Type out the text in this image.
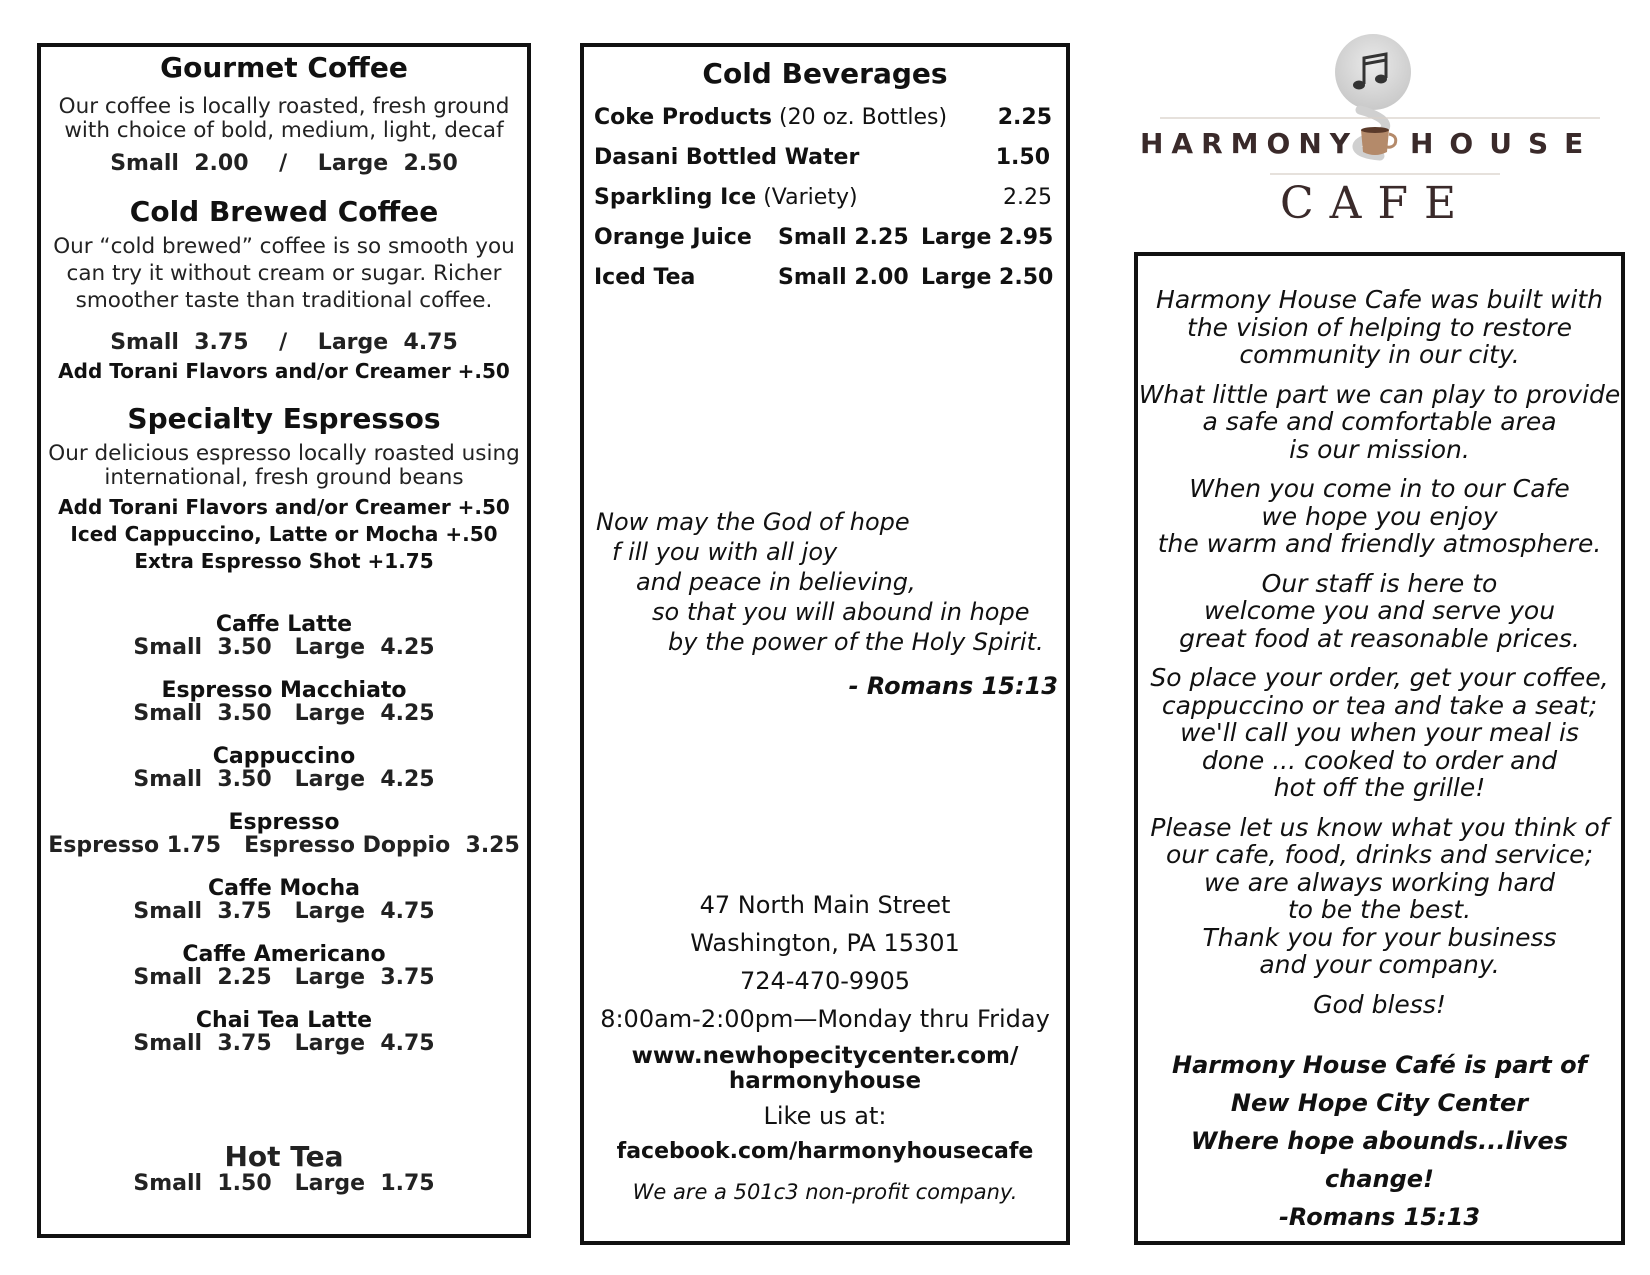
Gourmet Coffee
Our coffee is locally roasted, fresh ground
with choice of bold, medium, light, decaf
Small  2.00    /    Large  2.50
Cold Brewed Coffee
Our “cold brewed” coffee is so smooth you
can try it without cream or sugar. Richer
smoother taste than traditional coffee.
Small  3.75    /    Large  4.75
Add Torani Flavors and/or Creamer +.50
Specialty Espressos
Our delicious espresso locally roasted using
international, fresh ground beans
Add Torani Flavors and/or Creamer +.50
Iced Cappuccino, Latte or Mocha +.50
Extra Espresso Shot +1.75
Caffe Latte
Small  3.50   Large  4.25
Espresso Macchiato
Small  3.50   Large  4.25
Cappuccino
Small  3.50   Large  4.25
Espresso
Espresso 1.75   Espresso Doppio  3.25
Caffe Mocha
Small  3.75   Large  4.75
Caffe Americano
Small  2.25   Large  3.75
Chai Tea Latte
Small  3.75   Large  4.75
Hot Tea
Small  1.50   Large  1.75
Cold Beverages
Coke Products (20 oz. Bottles) 2.25
Dasani Bottled Water	1.50
Sparkling Ice (Variety)	2.25
Orange Juice Small 2.25 Large 2.95
Iced Tea	Small 2.00 Large 2.50
Now may the God of hope
f ill you with all joy
and peace in believing,
so that you will abound in hope
by the power of the Holy Spirit.
- Romans 15:13
47 North Main Street
Washington, PA 15301
724-470-9905
8:00am-2:00pm—Monday thru Friday
www.newhopecitycenter.com/
harmonyhouse
Like us at:
facebook.com/harmonyhousecafe
We are a 501c3 non-profit company.
HARMONY HOUSE
CAFE

Harmony House Cafe was built with
the vision of helping to restore
community in our city.

What little part we can play to provide
a safe and comfortable area
is our mission.

When you come in to our Cafe
we hope you enjoy
the warm and friendly atmosphere.

Our staff is here to
welcome you and serve you
great food at reasonable prices.

So place your order, get your coffee,
cappuccino or tea and take a seat;
we'll call you when your meal is
done ... cooked to order and
hot off the grille!

Please let us know what you think of
our cafe, food, drinks and service;
we are always working hard
to be the best.
Thank you for your business
and your company.

God bless!

Harmony House Café is part of
New Hope City Center
Where hope abounds...lives change!
-Romans 15:13
